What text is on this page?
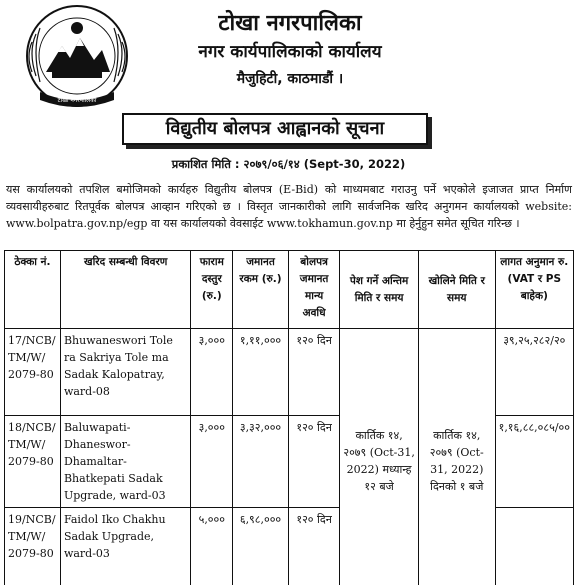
टोखा नगरपालिका
टोखा नगरपालिका
नगर कार्यपालिकाको कार्यालय
मैजुहिटी, काठमाडौं ।
विद्युतीय बोलपत्र आह्वानको सूचना
प्रकाशित मिति : २०७९/०६/१४ (Sept-30, 2022)
यस कार्यालयको तपशिल बमोजिमको कार्यहरु विद्युतीय बोलपत्र (E-Bid) को माध्यमबाट गराउनु पर्ने भएकोले इजाजत प्राप्त निर्माण व्यवसायीहरुबाट रितपूर्वक बोलपत्र आव्हान गरिएको छ । विस्तृत जानकारीको लागि सार्वजनिक खरिद अनुगमन कार्यालयको website: www.bolpatra.gov.np/egp वा यस कार्यालयको वेवसाईट www.tokhamun.gov.np मा हेर्नुहुन समेत सूचित गरिन्छ ।
ठेक्का नं.	खरिद सम्बन्धी विवरण	फाराम दस्तुर (रु.)	जमानत रकम (रु.)	बोलपत्र जमानत मान्य अवधि	पेश गर्ने अन्तिम मिति र समय	खोलिने मिति र समय	लागत अनुमान रु. (VAT र PS बाहेक)
17/NCB/
TM/W/
2079-80	Bhuwaneswori Tole ra Sakriya Tole ma Sadak Kalopatray, ward-08	३,०००	१,११,०००	१२० दिन	कार्तिक १४, २०७९ (Oct-31, 2022) मध्यान्ह १२ बजे	कार्तिक १४, २०७९ (Oct-31, 2022) दिनको १ बजे	३९,२५,२८२/२०
18/NCB/
TM/W/
2079-80	Baluwapati-Dhaneswor-Dhamaltar-Bhatkepati Sadak Upgrade, ward-03	३,०००	३,३२,०००	१२० दिन			१,१६,८८,०८५/००
19/NCB/
TM/W/
2079-80	Faidol Iko Chakhu Sadak Upgrade, ward-03	५,०००	६,९८,०००	१२० दिन			
